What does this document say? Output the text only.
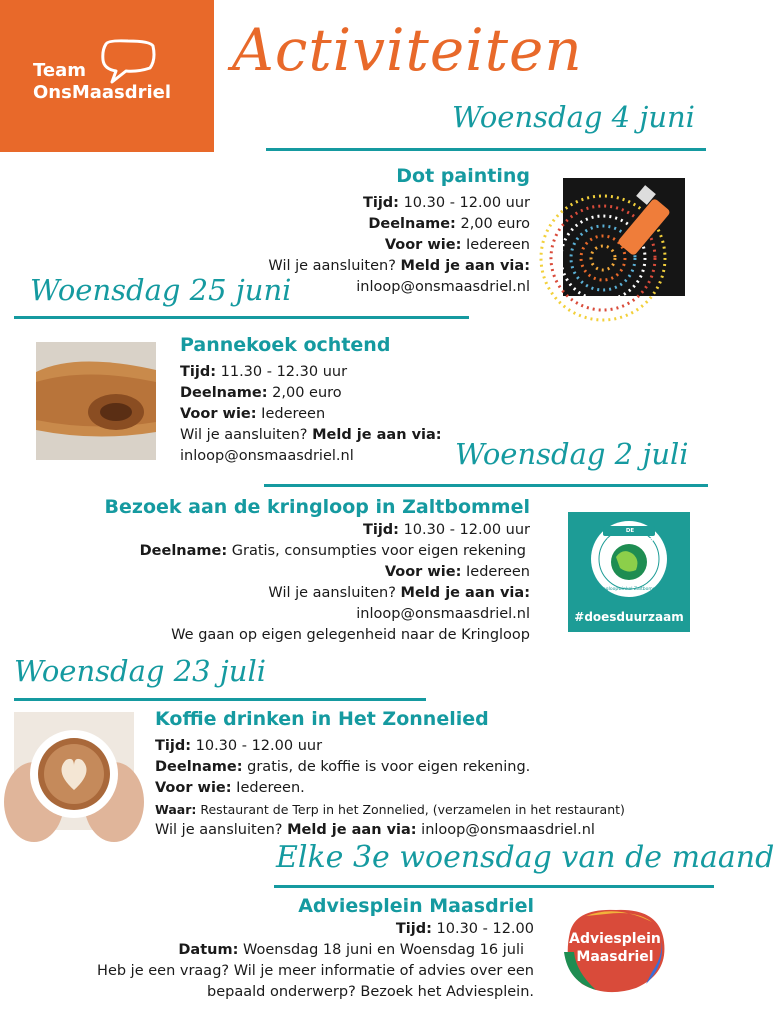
Team
OnsMaasdriel
Activiteiten
Woensdag 4 juni
Dot painting
Tijd: 10.30 - 12.00 uur
Deelname: 2,00 euro
Voor wie: Iedereen
Wil je aansluiten? Meld je aan via:
inloop@onsmaasdriel.nl
Woensdag 25 juni
Pannekoek ochtend
Tijd: 11.30 - 12.30 uur
Deelname: 2,00 euro
Voor wie: Iedereen
Wil je aansluiten? Meld je aan via:
inloop@onsmaasdriel.nl	Woensdag 2 juli
Bezoek aan de kringloop in Zaltbommel
Tijd: 10.30 - 12.00 uur
Deelname: Gratis, consumpties voor eigen rekening
Voor wie: Iedereen
Wil je aansluiten? Meld je aan via:
inloop@onsmaasdriel.nl
We gaan op eigen gelegenheid naar de Kringloop
DE SPULLEWAARD
Kringloopwinkel Zaltbommel
#doesduurzaam
Woensdag 23 juli
Koffie drinken in Het Zonnelied
Tijd: 10.30 - 12.00 uur
Deelname: gratis, de koffie is voor eigen rekening.
Voor wie: Iedereen.
Waar: Restaurant de Terp in het Zonnelied, (verzamelen in het restaurant)
Wil je aansluiten? Meld je aan via: inloop@onsmaasdriel.nl
Elke 3e woensdag van de maand
Adviesplein Maasdriel
Tijd: 10.30 - 12.00
Datum: Woensdag 18 juni en Woensdag 16 juli
Heb je een vraag? Wil je meer informatie of advies over een
bepaald onderwerp? Bezoek het Adviesplein.
Adviesplein
Maasdriel
